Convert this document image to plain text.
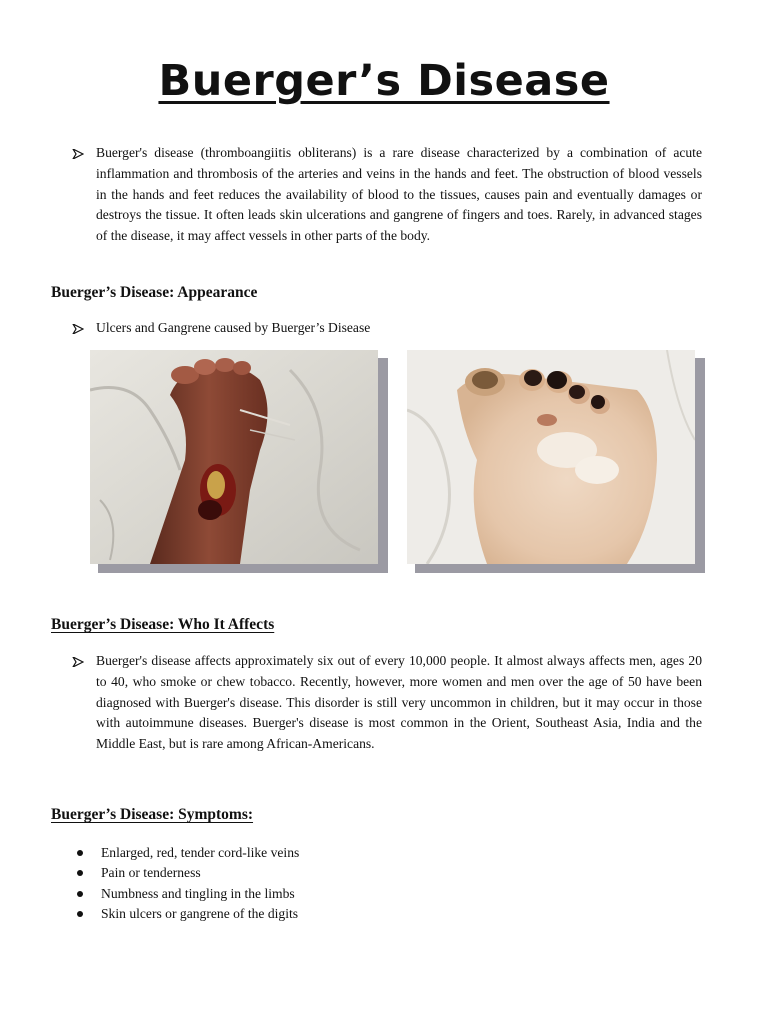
Buerger’s Disease
Buerger's disease (thromboangiitis obliterans) is a rare disease characterized by a combination of acute inflammation and thrombosis of the arteries and veins in the hands and feet. The obstruction of blood vessels in the hands and feet reduces the availability of blood to the tissues, causes pain and eventually damages or destroys the tissue. It often leads skin ulcerations and gangrene of fingers and toes. Rarely, in advanced stages of the disease, it may affect vessels in other parts of the body.
Buerger’s Disease: Appearance
Ulcers and Gangrene caused by Buerger’s Disease
Buerger’s Disease: Who It Affects
Buerger's disease affects approximately six out of every 10,000 people. It almost always affects men, ages 20 to 40, who smoke or chew tobacco. Recently, however, more women and men over the age of 50 have been diagnosed with Buerger's disease. This disorder is still very uncommon in children, but it may occur in those with autoimmune diseases. Buerger's disease is most common in the Orient, Southeast Asia, India and the Middle East, but is rare among African-Americans.
Buerger’s Disease: Symptoms:
Enlarged, red, tender cord-like veins
Pain or tenderness
Numbness and tingling in the limbs
Skin ulcers or gangrene of the digits
